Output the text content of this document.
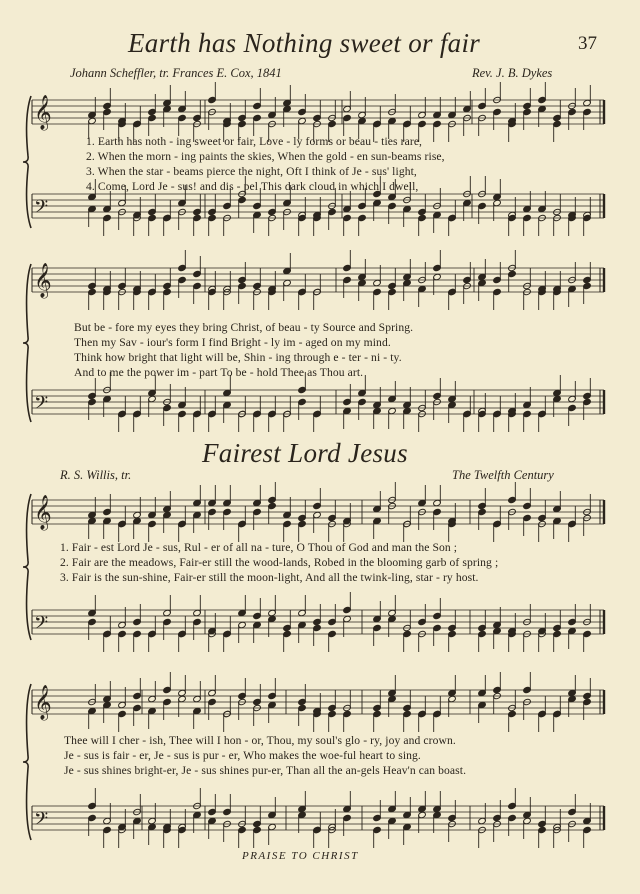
𝄞
𝄢
𝄞
𝄢
𝄞
𝄢
𝄞
𝄢
Earth has Nothing sweet or fair	37
Johann Scheffler, tr. Frances E. Cox, 1841	Rev. J. B. Dykes
1. Earth has noth - ing sweet or fair, Love - ly forms or beau - ties rare,
2. When the morn - ing paints the skies, When the gold - en sun-beams rise,
3. When the star - beams pierce the night, Oft I think of Je - sus' light,
4. Come, Lord Je - sus! and dis - pel This dark cloud in which I dwell,
But be - fore my eyes they bring Christ, of beau - ty Source and Spring.
Then my Sav - iour's form I find Bright - ly im - aged on my mind.
Think how bright that light will be, Shin - ing through e - ter - ni - ty.
And to me the power im - part To be - hold Thee as Thou art.
Fairest Lord Jesus
R. S. Willis, tr.	The Twelfth Century
1. Fair - est Lord Je - sus, Rul - er of all na - ture, O Thou of God and man the Son ;
2. Fair are the meadows, Fair-er still the wood-lands, Robed in the blooming garb of spring ;
3. Fair is the sun-shine, Fair-er still the moon-light, And all the twink-ling, star - ry host.
Thee will I cher - ish, Thee will I hon - or, Thou, my soul's glo - ry, joy and crown.
Je - sus is fair - er, Je - sus is pur - er, Who makes the woe-ful heart to sing.
Je - sus shines bright-er, Je - sus shines pur-er, Than all the an-gels Heav'n can boast.
PRAISE TO CHRIST
